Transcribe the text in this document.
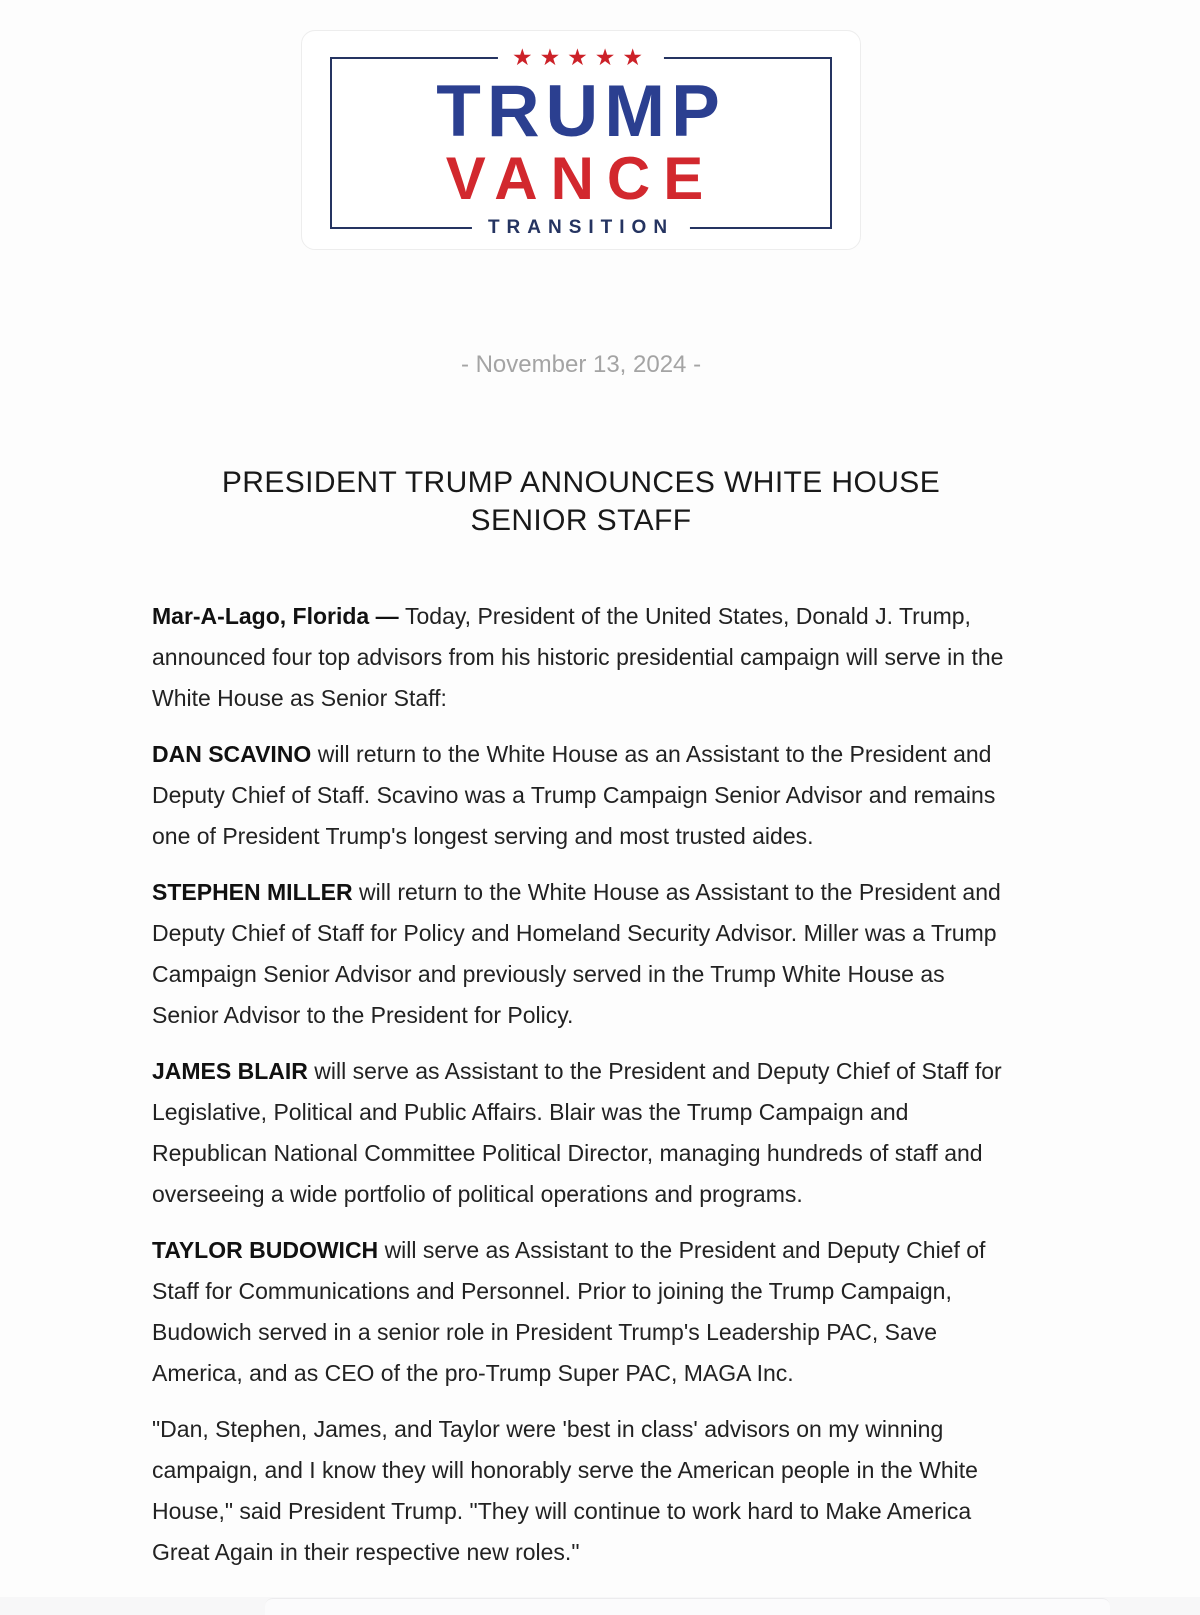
★★★★★
TRUMP
VANCE
TRANSITION
- November 13, 2024 -
PRESIDENT TRUMP ANNOUNCES WHITE HOUSE SENIOR STAFF

Mar-A-Lago, Florida — Today, President of the United States, Donald J. Trump, announced four top advisors from his historic presidential campaign will serve in the White House as Senior Staff:

DAN SCAVINO will return to the White House as an Assistant to the President and Deputy Chief of Staff. Scavino was a Trump Campaign Senior Advisor and remains one of President Trump's longest serving and most trusted aides.

STEPHEN MILLER will return to the White House as Assistant to the President and Deputy Chief of Staff for Policy and Homeland Security Advisor. Miller was a Trump Campaign Senior Advisor and previously served in the Trump White House as Senior Advisor to the President for Policy.

JAMES BLAIR will serve as Assistant to the President and Deputy Chief of Staff for Legislative, Political and Public Affairs. Blair was the Trump Campaign and Republican National Committee Political Director, managing hundreds of staff and overseeing a wide portfolio of political operations and programs.

TAYLOR BUDOWICH will serve as Assistant to the President and Deputy Chief of Staff for Communications and Personnel. Prior to joining the Trump Campaign, Budowich served in a senior role in President Trump's Leadership PAC, Save America, and as CEO of the pro-Trump Super PAC, MAGA Inc.

"Dan, Stephen, James, and Taylor were 'best in class' advisors on my winning campaign, and I know they will honorably serve the American people in the White House," said President Trump. "They will continue to work hard to Make America Great Again in their respective new roles."
